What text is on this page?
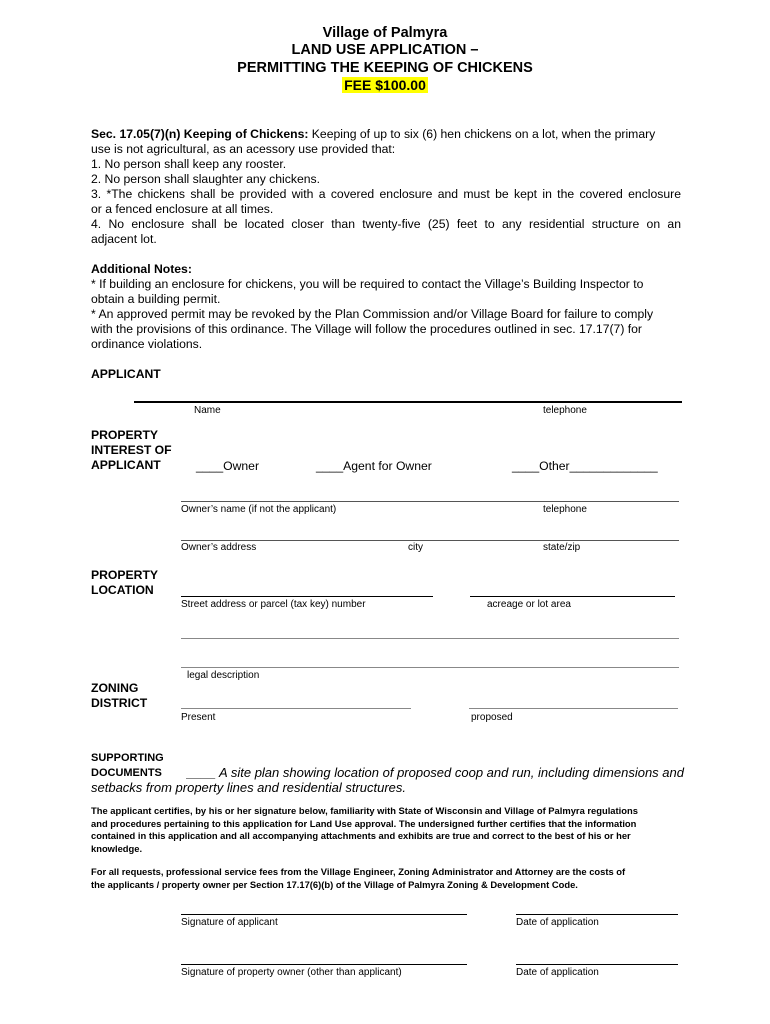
Village of Palmyra
LAND USE APPLICATION –
PERMITTING THE KEEPING OF CHICKENS
FEE $100.00
Sec. 17.05(7)(n) Keeping of Chickens: Keeping of up to six (6) hen chickens on a lot, when the primary
use is not agricultural, as an acessory use provided that:
1. No person shall keep any rooster.
2. No person shall slaughter any chickens.
3. *The chickens shall be provided with a covered enclosure and must be kept in the covered enclosure
or a fenced enclosure at all times.
4. No enclosure shall be located closer than twenty-five (25) feet to any residential structure on an
adjacent lot.
Additional Notes:
* If building an enclosure for chickens, you will be required to contact the Village’s Building Inspector to
obtain a building permit.
* An approved permit may be revoked by the Plan Commission and/or Village Board for failure to comply
with the provisions of this ordinance. The Village will follow the procedures outlined in sec. 17.17(7) for
ordinance violations.
APPLICANT
Name	telephone
PROPERTY
INTEREST OF
APPLICANT	____Owner	____Agent for Owner	____Other_____________
Owner’s name (if not the applicant)	telephone
Owner’s address	city	state/zip
PROPERTY
LOCATION
Street address or parcel (tax key) number	acreage or lot area
legal description
ZONING
DISTRICT
Present	proposed
SUPPORTING
DOCUMENTS ____ A site plan showing location of proposed coop and run, including dimensions and
setbacks from property lines and residential structures.
The applicant certifies, by his or her signature below, familiarity with State of Wisconsin and Village of Palmyra regulations
and procedures pertaining to this application for Land Use approval. The undersigned further certifies that the information
contained in this application and all accompanying attachments and exhibits are true and correct to the best of his or her
knowledge.
For all requests, professional service fees from the Village Engineer, Zoning Administrator and Attorney are the costs of
the applicants / property owner per Section 17.17(6)(b) of the Village of Palmyra Zoning & Development Code.
Signature of applicant	Date of application
Signature of property owner (other than applicant)	Date of application
